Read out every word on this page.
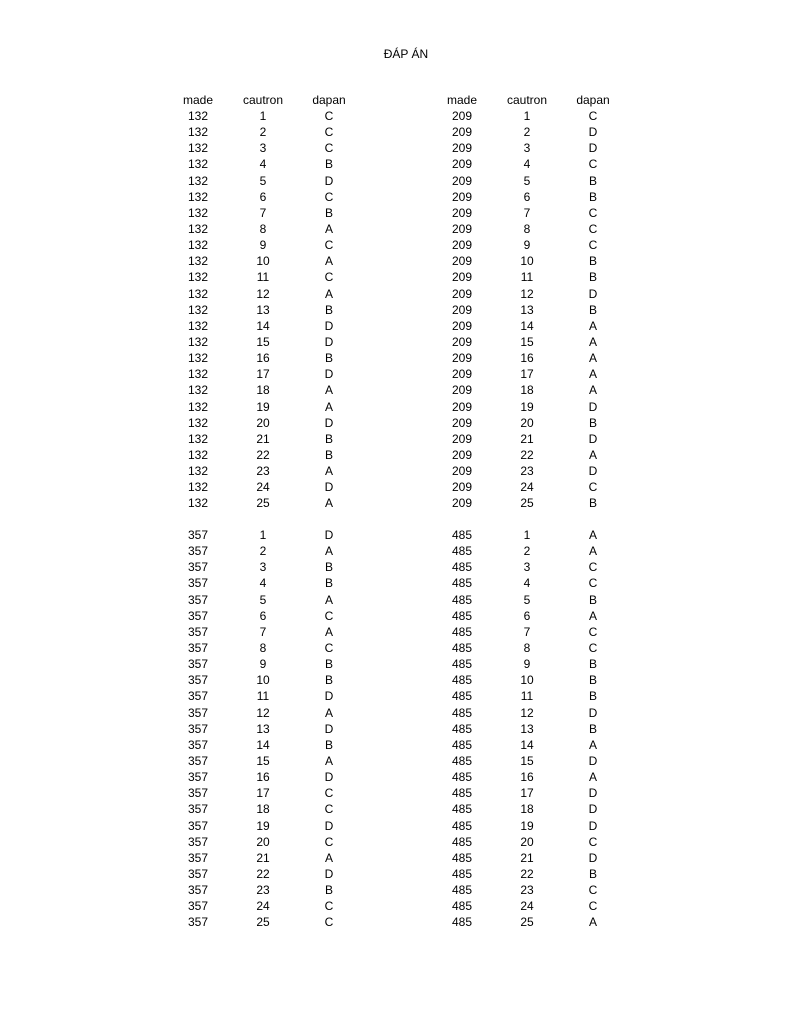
ĐÁP ÁN
made	cautron	dapan
132	1	C
132	2	C
132	3	C
132	4	B
132	5	D
132	6	C
132	7	B
132	8	A
132	9	C
132	10	A
132	11	C
132	12	A
132	13	B
132	14	D
132	15	D
132	16	B
132	17	D
132	18	A
132	19	A
132	20	D
132	21	B
132	22	B
132	23	A
132	24	D
132	25	A
made	cautron	dapan
209	1	C
209	2	D
209	3	D
209	4	C
209	5	B
209	6	B
209	7	C
209	8	C
209	9	C
209	10	B
209	11	B
209	12	D
209	13	B
209	14	A
209	15	A
209	16	A
209	17	A
209	18	A
209	19	D
209	20	B
209	21	D
209	22	A
209	23	D
209	24	C
209	25	B
357	1	D
357	2	A
357	3	B
357	4	B
357	5	A
357	6	C
357	7	A
357	8	C
357	9	B
357	10	B
357	11	D
357	12	A
357	13	D
357	14	B
357	15	A
357	16	D
357	17	C
357	18	C
357	19	D
357	20	C
357	21	A
357	22	D
357	23	B
357	24	C
357	25	C
485	1	A
485	2	A
485	3	C
485	4	C
485	5	B
485	6	A
485	7	C
485	8	C
485	9	B
485	10	B
485	11	B
485	12	D
485	13	B
485	14	A
485	15	D
485	16	A
485	17	D
485	18	D
485	19	D
485	20	C
485	21	D
485	22	B
485	23	C
485	24	C
485	25	A
